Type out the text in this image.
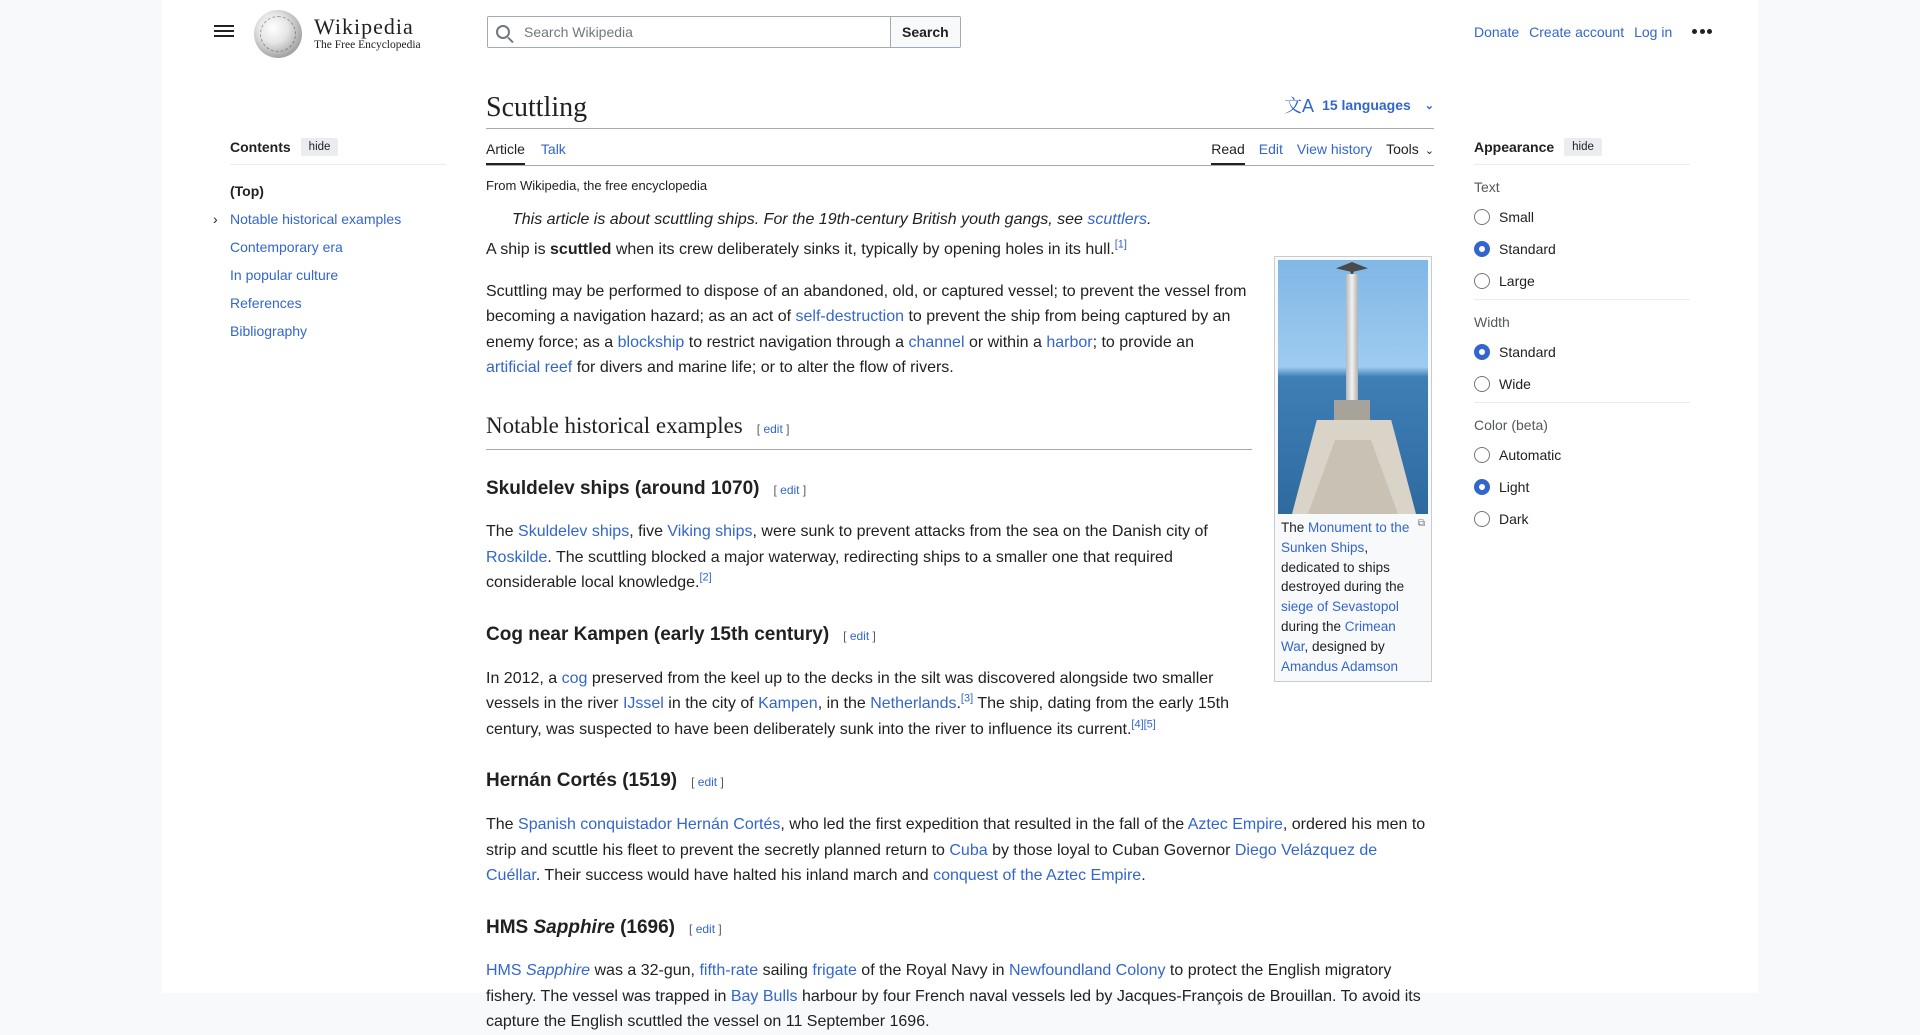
Wikipedia
The Free Encyclopedia
Search Wikipedia
Search	Donate Create account Log in
Contents	hide
(Top)
› Notable historical examples
Contemporary era
In popular culture
References
Bibliography
Scuttling	文A 15 languages ⌄
Article Talk	Read Edit View history Tools ⌄
From Wikipedia, the free encyclopedia
This article is about scuttling ships. For the 19th-century British youth gangs, see scuttlers.

A ship is scuttled when its crew deliberately sinks it, typically by opening holes in its hull.[1]

Scuttling may be performed to dispose of an abandoned, old, or captured vessel; to prevent the vessel from becoming a navigation hazard; as an act of self-destruction to prevent the ship from being captured by an enemy force; as a blockship to restrict navigation through a channel or within a harbor; to provide an artificial reef for divers and marine life; or to alter the flow of rivers.

Notable historical examples [ edit ]
Skuldelev ships (around 1070) [ edit ]

The Skuldelev ships, five Viking ships, were sunk to prevent attacks from the sea on the Danish city of Roskilde. The scuttling blocked a major waterway, redirecting ships to a smaller one that required considerable local knowledge.[2]

Cog near Kampen (early 15th century) [ edit ]

In 2012, a cog preserved from the keel up to the decks in the silt was discovered alongside two smaller vessels in the river IJssel in the city of Kampen, in the Netherlands.[3] The ship, dating from the early 15th century, was suspected to have been deliberately sunk into the river to influence its current.[4][5]

Hernán Cortés (1519) [ edit ]

The Spanish conquistador Hernán Cortés, who led the first expedition that resulted in the fall of the Aztec Empire, ordered his men to strip and scuttle his fleet to prevent the secretly planned return to Cuba by those loyal to Cuban Governor Diego Velázquez de Cuéllar. Their success would have halted his inland march and conquest of the Aztec Empire.

HMS Sapphire (1696) [ edit ]

HMS Sapphire was a 32-gun, fifth-rate sailing frigate of the Royal Navy in Newfoundland Colony to protect the English migratory fishery. The vessel was trapped in Bay Bulls harbour by four French naval vessels led by Jacques-François de Brouillan. To avoid its capture the English scuttled the vessel on 11 September 1696.

⧉
The Monument to the Sunken Ships, dedicated to ships destroyed during the siege of Sevastopol during the Crimean War, designed by Amandus Adamson
Appearance	hide
Text
Small
Standard
Large
Width
Standard
Wide
Color (beta)
Automatic
Light
Dark
